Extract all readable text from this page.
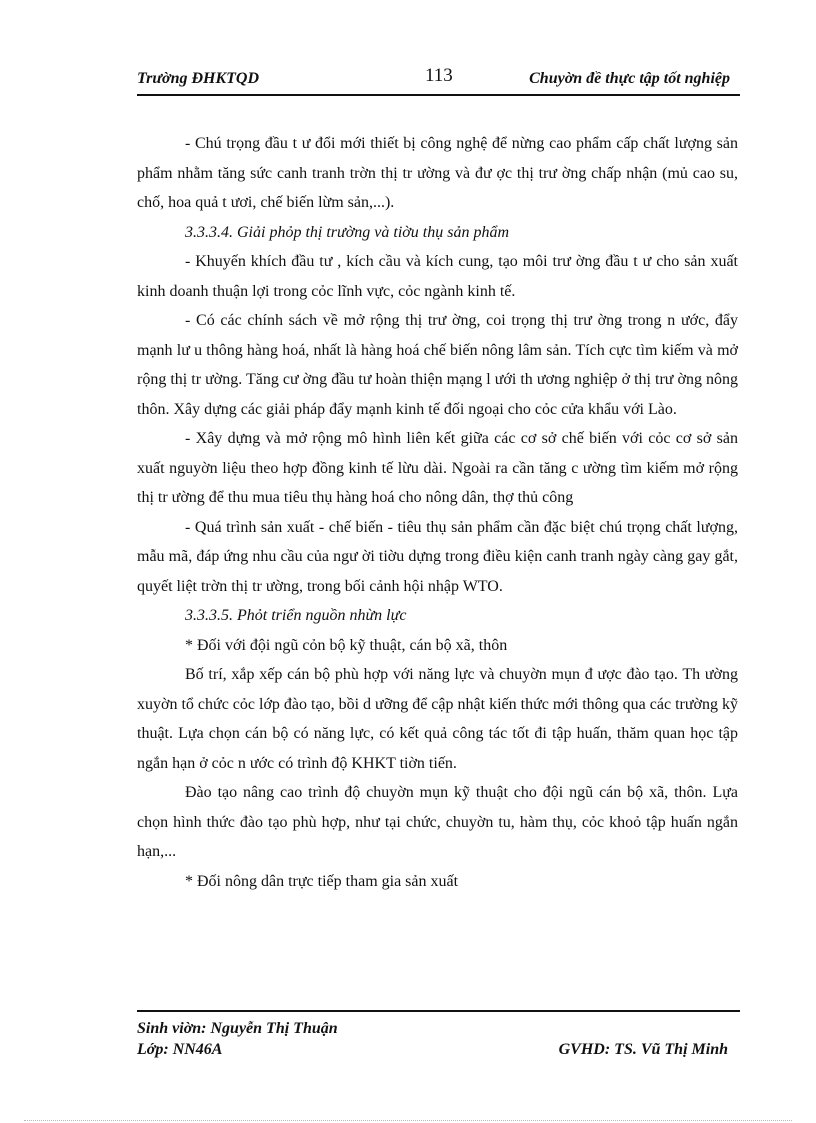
Trường ĐHKTQD	113	Chuyờn đề thực tập tốt nghiệp

- Chú trọng đầu t ư đổi mới thiết bị công nghệ để nừng cao phẩm cấp chất lượng sản phẩm nhằm tăng sức canh tranh trờn thị tr ường và đư ợc thị trư ờng chấp nhận (mủ cao su, chố, hoa quả t ươi, chế biến lừm sản,...).

3.3.3.4. Giải phỏp thị trường và tiờu thụ sản phẩm

- Khuyến khích đầu tư , kích cầu và kích cung, tạo môi trư ờng đầu t ư cho sản xuất kinh doanh thuận lợi trong cỏc lĩnh vực, cỏc ngành kinh tế.

- Có các chính sách về mở rộng thị trư ờng, coi trọng thị trư ờng trong n ước, đẩy mạnh lư u thông hàng hoá, nhất là hàng hoá chế biến nông lâm sản. Tích cực tìm kiếm và mở rộng thị tr ường. Tăng cư ờng đầu tư hoàn thiện mạng l ưới th ương nghiệp ở thị trư ờng nông thôn. Xây dựng các giải pháp đẩy mạnh kinh tế đối ngoại cho cỏc cửa khẩu với Lào.

- Xây dựng và mở rộng mô hình liên kết giữa các cơ sở chế biến với cỏc cơ sở sản xuất nguyờn liệu theo hợp đồng kinh tế lừu dài. Ngoài ra cần tăng c ường tìm kiếm mở rộng thị tr ường để thu mua tiêu thụ hàng hoá cho nông dân, thợ thủ công

- Quá trình sản xuất - chế biến - tiêu thụ sản phẩm cần đặc biệt chú trọng chất lượng, mẫu mã, đáp ứng nhu cầu của ngư ời tiờu dựng trong điều kiện canh tranh ngày càng gay gắt, quyết liệt trờn thị tr ường, trong bối cảnh hội nhập WTO.

3.3.3.5. Phỏt triển nguồn nhừn lực

* Đối với đội ngũ cỏn bộ kỹ thuật, cán bộ xã, thôn

Bố trí, xắp xếp cán bộ phù hợp với năng lực và chuyờn mụn đ ược đào tạo. Th ường xuyờn tổ chức cỏc lớp đào tạo, bồi d ưỡng để cập nhật kiến thức mới thông qua các trường kỹ thuật. Lựa chọn cán bộ có năng lực, có kết quả công tác tốt đi tập huấn, thăm quan học tập ngắn hạn ở cỏc n ước có trình độ KHKT tiờn tiến.

Đào tạo nâng cao trình độ chuyờn mụn kỹ thuật cho đội ngũ cán bộ xã, thôn. Lựa chọn hình thức đào tạo phù hợp, như tại chức, chuyờn tu, hàm thụ, cỏc khoỏ tập huấn ngắn hạn,...

* Đối nông dân trực tiếp tham gia sản xuất

Sinh viờn: Nguyễn Thị Thuận
Lớp: NN46A	GVHD: TS. Vũ Thị Minh
